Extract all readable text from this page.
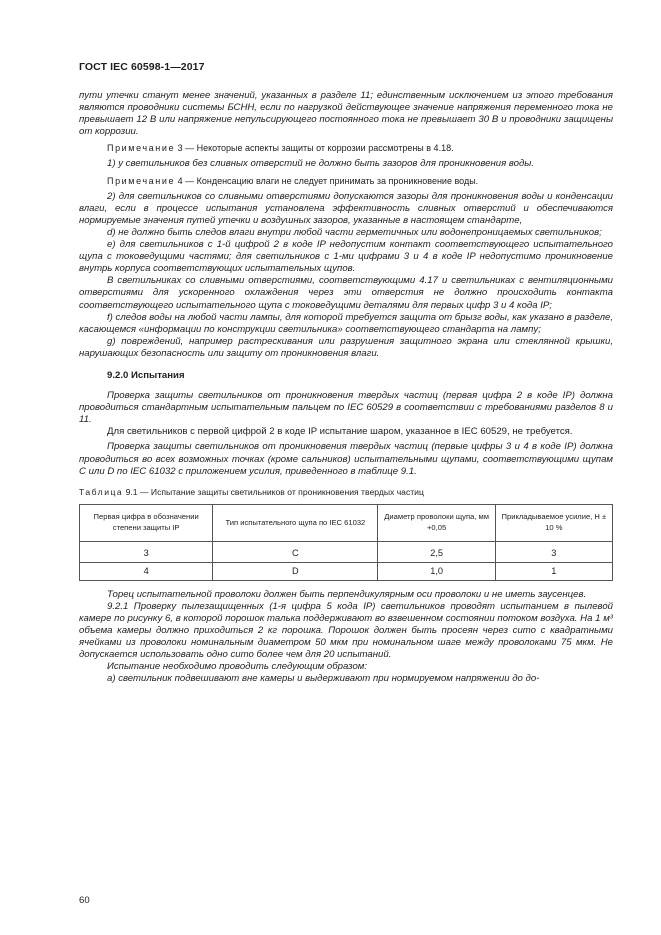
ГОСТ IEC 60598-1—2017

пути утечки станут менее значений, указанных в разделе 11; единственным исключением из этого требования являются проводники системы БСНН, если по нагрузкой действующее значение напряжения переменного тока не превышает 12 В или напряжение непульсирующего постоянного тока не превышает 30 В и проводники защищены от коррозии.

Примечание 3 — Некоторые аспекты защиты от коррозии рассмотрены в 4.18.

1) у светильников без сливных отверстий не должно быть зазоров для проникновения воды.

Примечание 4 — Конденсацию влаги не следует принимать за проникновение воды.

2) для светильников со сливными отверстиями допускаются зазоры для проникновения воды и конденсации влаги, если в процессе испытания установлена эффективность сливных отверстий и обеспечиваются нормируемые значения путей утечки и воздушных зазоров, указанные в настоящем стандарте,

d) не должно быть следов влаги внутри любой части герметичных или водонепроницаемых светильников;

e) для светильников с 1-й цифрой 2 в коде IP недопустим контакт соответствующего испытательного щупа с токоведущими частями; для светильников с 1-ми цифрами 3 и 4 в коде IP недопустимо проникновение внутрь корпуса соответствующих испытательных щупов.

В светильниках со сливными отверстиями, соответствующими 4.17 и светильниках с вентиляционными отверстиями для ускоренного охлаждения через эти отверстия не должно происходить контакта соответствующего испытательного щупа с токоведущими деталями для первых цифр 3 и 4 кода IP;

f) следов воды на любой части лампы, для которой требуется защита от брызг воды, как указано в разделе, касающемся «информации по конструкции светильника» соответствующего стандарта на лампу;

g) повреждений, например растрескивания или разрушения защитного экрана или стеклянной крышки, нарушающих безопасность или защиту от проникновения влаги.

9.2.0 Испытания

Проверка защиты светильников от проникновения твердых частиц (первая цифра 2 в коде IP) должна проводиться стандартным испытательным пальцем по IEC 60529 в соответствии с требованиями разделов 8 и 11.

Для светильников с первой цифрой 2 в коде IP испытание шаром, указанное в IEC 60529, не требуется.

Проверка защиты светильников от проникновения твердых частиц (первые цифры 3 и 4 в коде IP) должна проводиться во всех возможных точках (кроме сальников) испытательными щупами, соответствующими щупам C или D по IEC 61032 с приложением усилия, приведенного в таблице 9.1.

Таблица 9.1 — Испытание защиты светильников от проникновения твердых частиц

Первая цифра в обозначении степени защиты IP	Тип испытательного щупа по IEC 61032	Диаметр проволоки щупа, мм +0,05	Прикладываемое усилие, Н ± 10 %
3	C	2,5	3
4	D	1,0	1

Торец испытательной проволоки должен быть перпендикулярным оси проволоки и не иметь заусенцев.

9.2.1 Проверку пылезащищенных (1-я цифра 5 кода IP) светильников проводят испытанием в пылевой камере по рисунку 6, в которой порошок талька поддерживают во взвешенном состоянии потоком воздуха. На 1 м³ объема камеры должно приходиться 2 кг порошка. Порошок должен быть просеян через сито с квадратными ячейками из проволоки номинальным диаметром 50 мкм при номинальном шаге между проволоками 75 мкм. Не допускается использовать одно сито более чем для 20 испытаний.

Испытание необходимо проводить следующим образом:

a) светильник подвешивают вне камеры и выдерживают при нормируемом напряжении до до-

60
